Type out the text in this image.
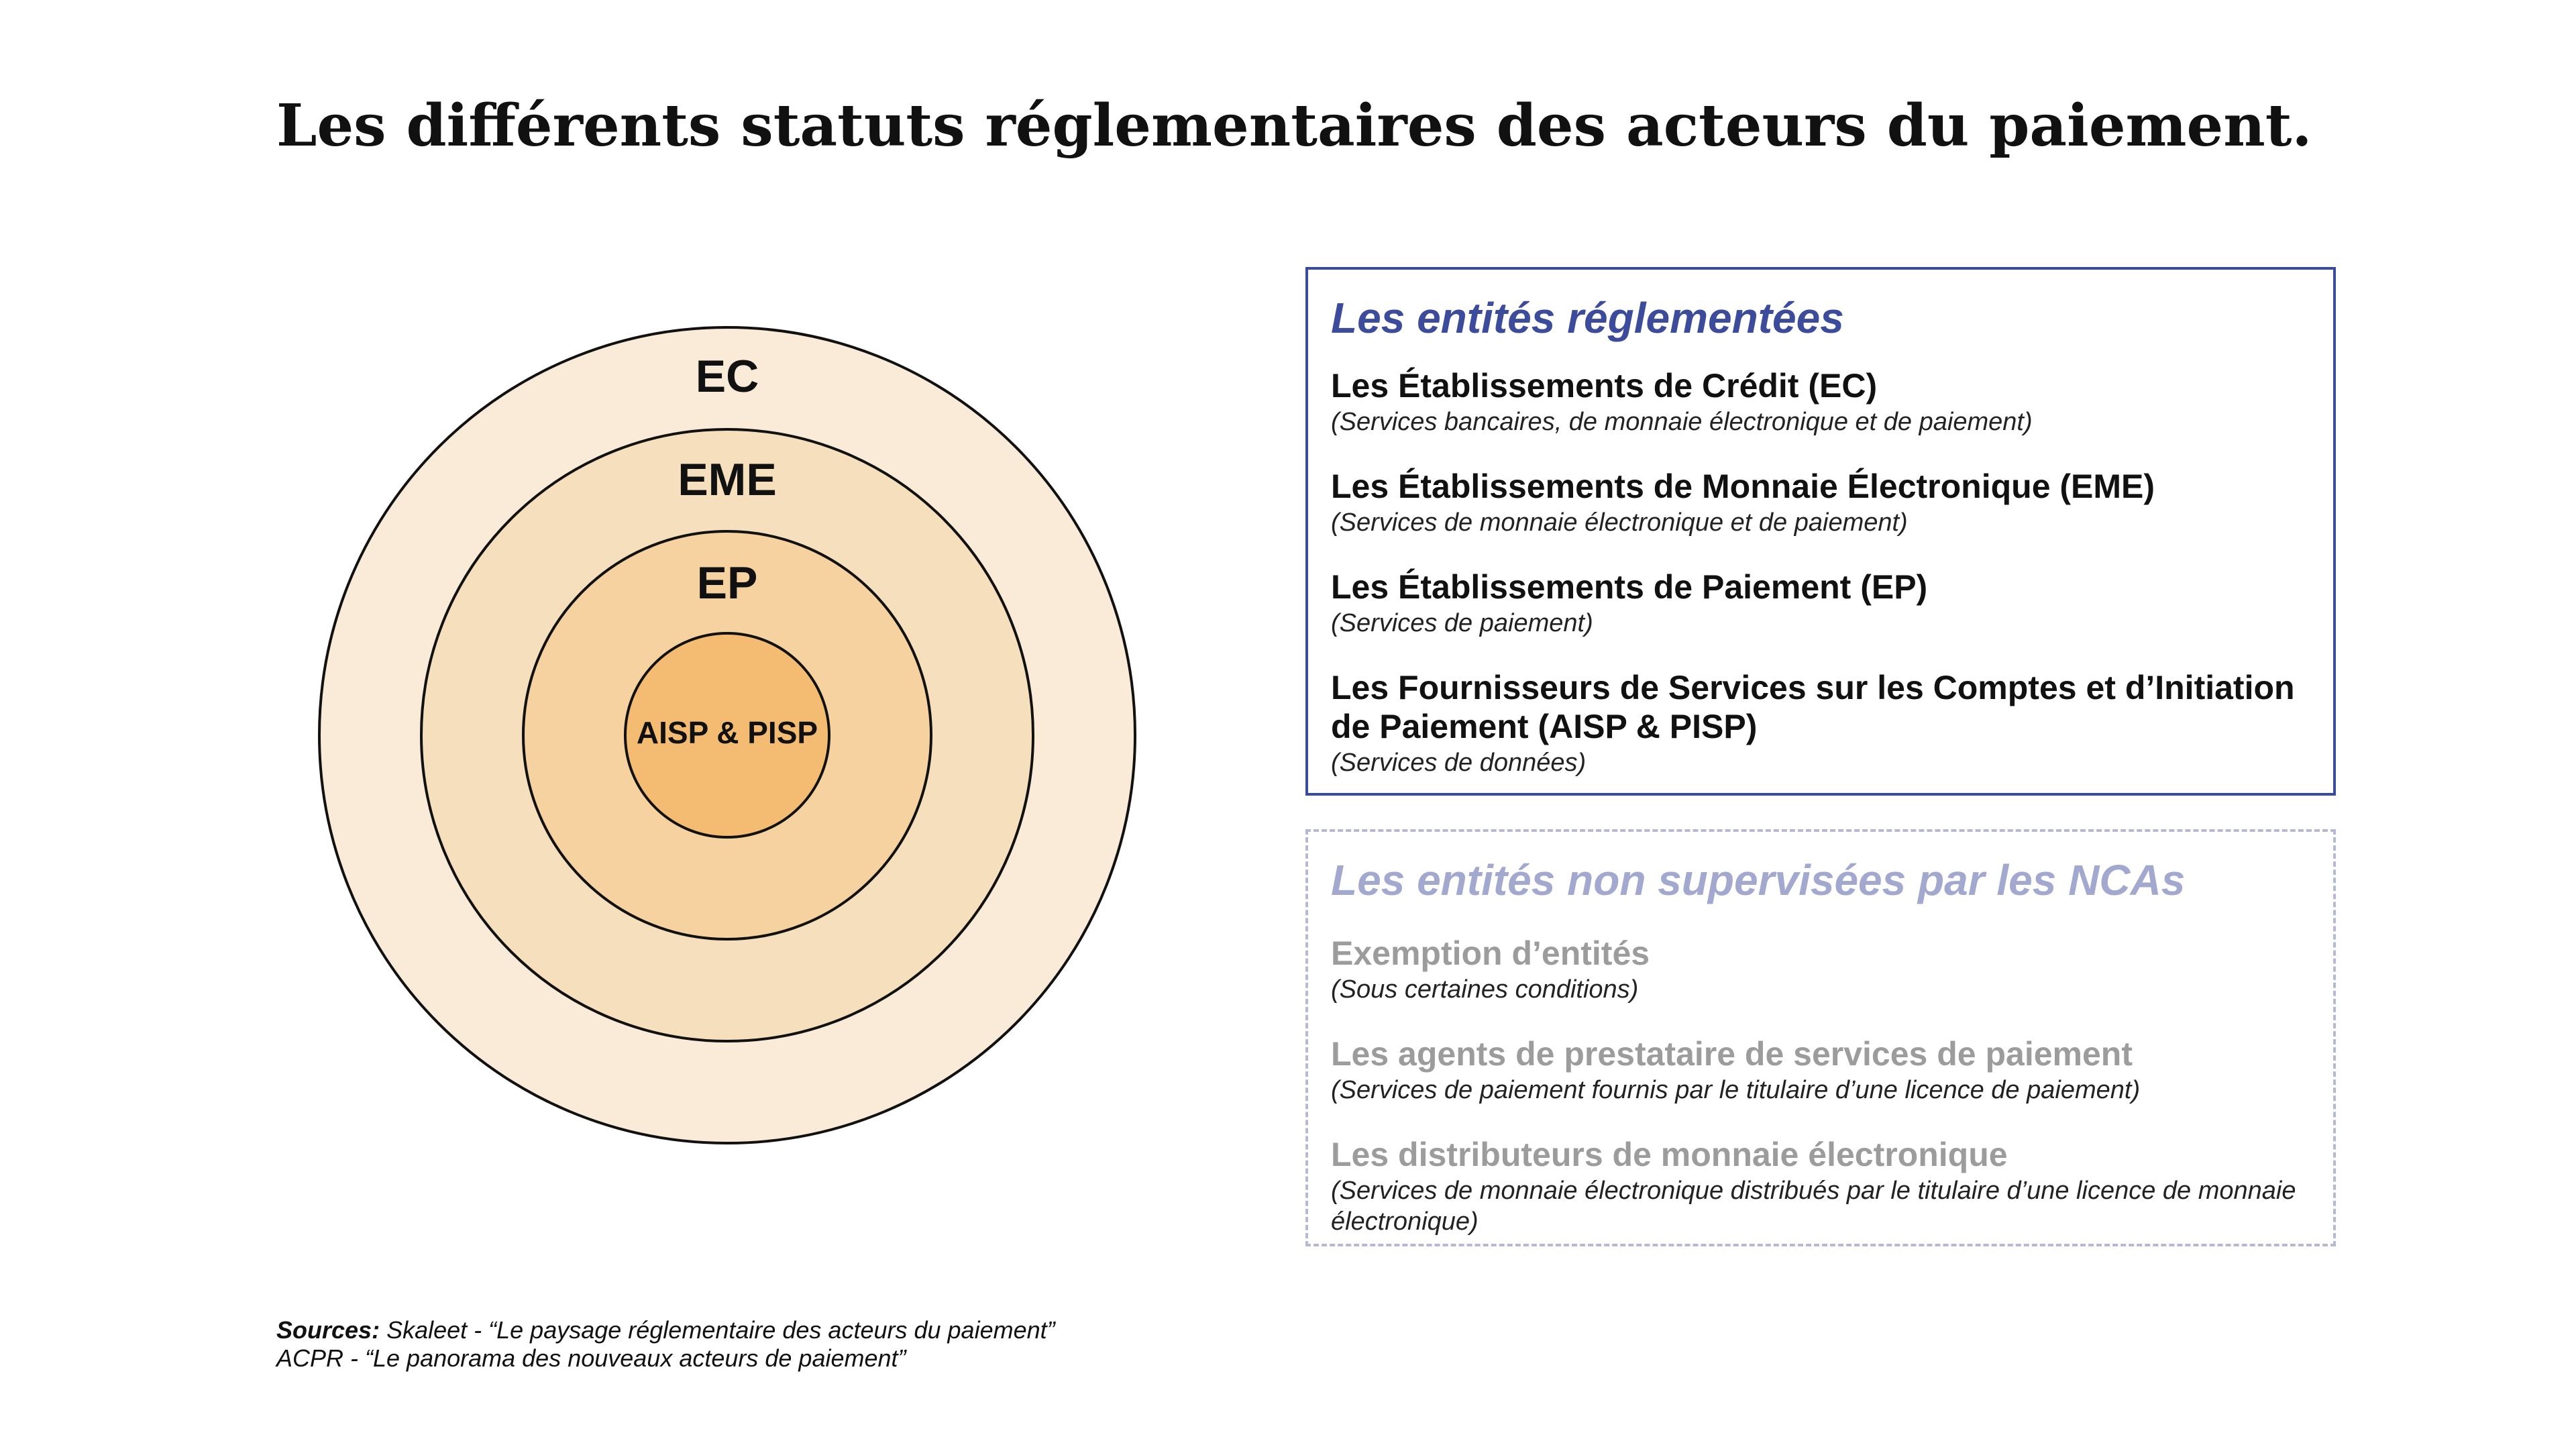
Les différents statuts réglementaires des acteurs du paiement.
EC
EME
EP
AISP & PISP
Les entités réglementées
Les Établissements de Crédit (EC)
(Services bancaires, de monnaie électronique et de paiement)
Les Établissements de Monnaie Électronique (EME)
(Services de monnaie électronique et de paiement)
Les Établissements de Paiement (EP)
(Services de paiement)
Les Fournisseurs de Services sur les Comptes et d’Initiation de Paiement (AISP & PISP)
(Services de données)
Les entités non supervisées par les NCAs
Exemption d’entités
(Sous certaines conditions)
Les agents de prestataire de services de paiement
(Services de paiement fournis par le titulaire d’une licence de paiement)
Les distributeurs de monnaie électronique
(Services de monnaie électronique distribués par le titulaire d’une licence de monnaie électronique)
Sources: Skaleet - “Le paysage réglementaire des acteurs du paiement”
ACPR - “Le panorama des nouveaux acteurs de paiement”
